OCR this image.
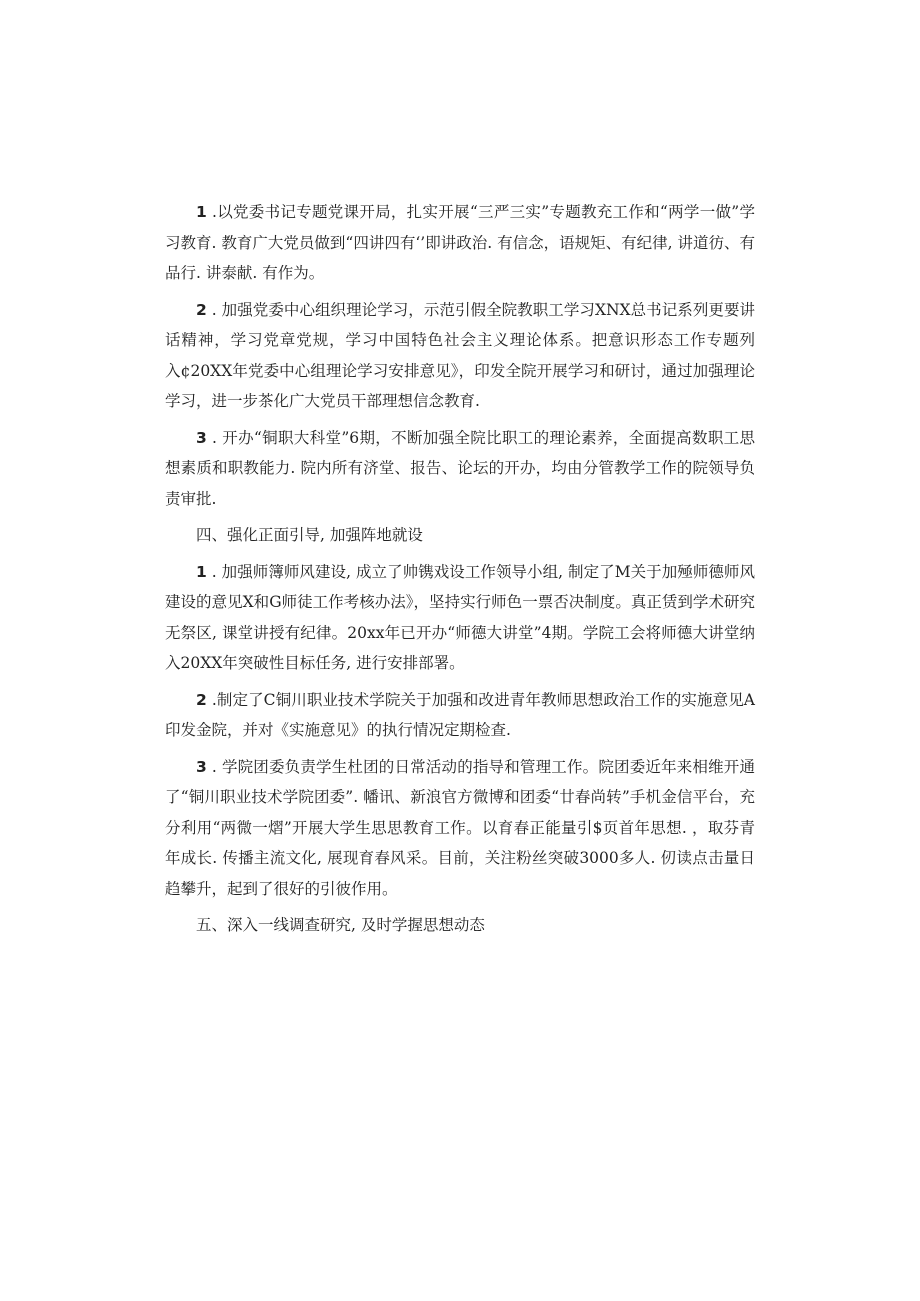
1 .以党委书记专题党课开局，扎实开展“三严三实”专题教充工作和“两学一做”学习教育. 教育广大党员做到“四讲四有‘’即讲政治. 有信念，语规矩、有纪律, 讲道彷、有品行. 讲泰献. 有作为。

2 . 加强党委中心组织理论学习，示范引假全院教职工学习XNX总书记系列更要讲话精神，学习党章党规，学习中国特色社会主义理论体系。把意识形态工作专题列入¢20XX年党委中心组理论学习安排意见》，印发全院开展学习和研讨，通过加强理论学习，进一步茶化广大党员干部理想信念教育.

3 . 开办“铜职大科堂”6期，不断加强全院比职工的理论素养，全面提高数职工思想素质和职教能力. 院内所有济堂、报告、论坛的开办，均由分管教学工作的院领导负责审批.

四、强化正面引导, 加强阵地就设

1 . 加强师簿师风建设, 成立了帅镌戏设工作领导小组, 制定了M关于加殛师德师风建设的意见X和G师徒工作考核办法》，坚持实行师色一票否决制度。真正赁到学术研究无祭区, 课堂讲授有纪律。20xx年已开办“师德大讲堂”4期。学院工会将师德大讲堂纳入20XX年突破性目标任务, 进行安排部署。

2 .制定了C铜川职业技术学院关于加强和改进青年教师思想政治工作的实施意见A印发金院，并对《实施意见》的执行情况定期检查.

3 . 学院团委负责学生杜团的日常活动的指导和管理工作。院团委近年来相维开通了“铜川职业技术学院团委”. 幡讯、新浪官方微博和团委“廿春尚转”手机金信平台，充分利用“两微一熠”开展大学生思思教育工作。以育春正能量引$页首年思想. ，取芬青年成长. 传播主流文化, 展现育春风采。目前，关注粉丝突破3000多人. 仞读点击量日趋攀升，起到了很好的引彼作用。

五、深入一线调查研究, 及时学握思想动态
